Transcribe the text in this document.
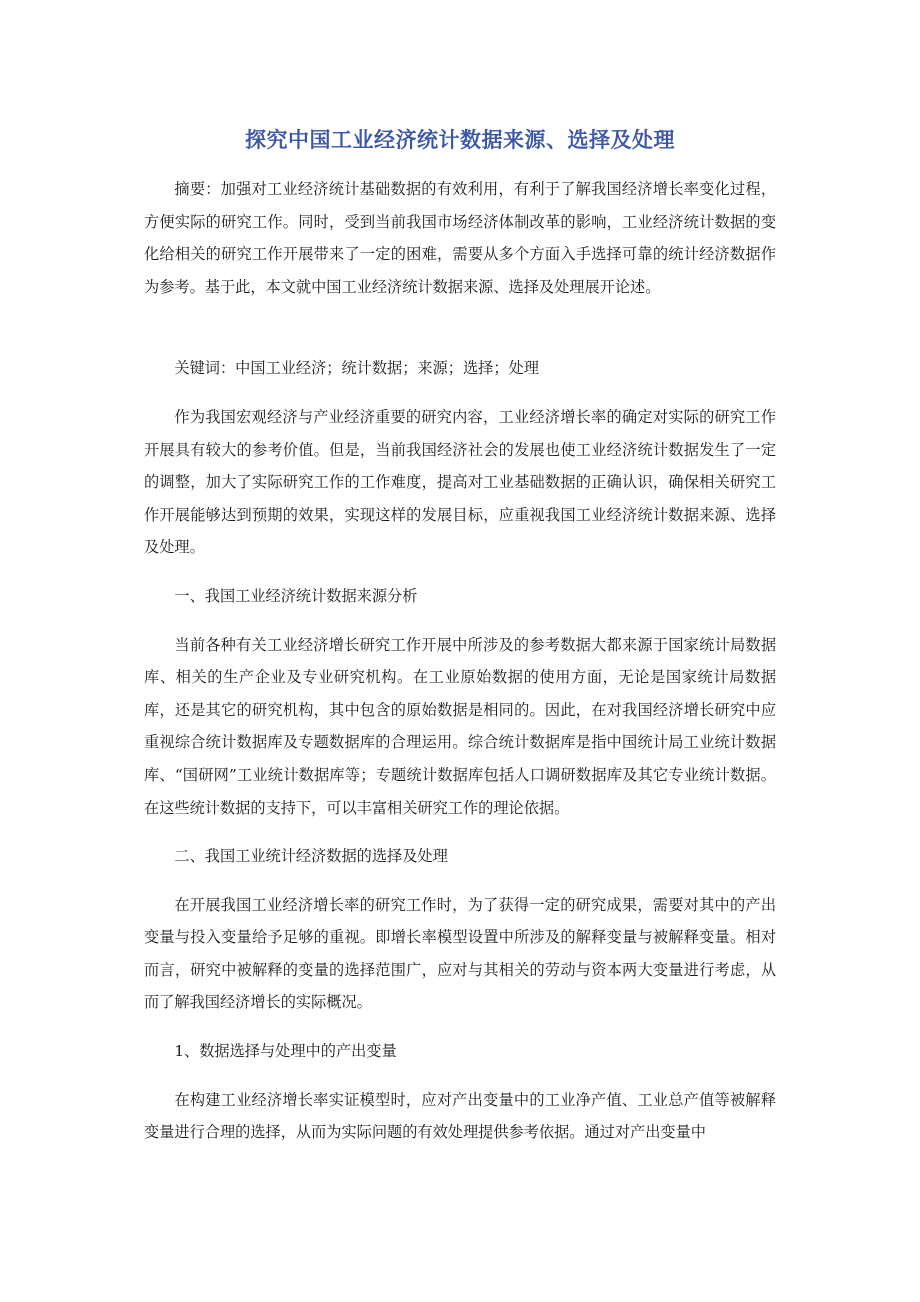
探究中国工业经济统计数据来源、选择及处理

摘要：加强对工业经济统计基础数据的有效利用，有利于了解我国经济增长率变化过程，方便实际的研究工作。同时，受到当前我国市场经济体制改革的影响，工业经济统计数据的变化给相关的研究工作开展带来了一定的困难，需要从多个方面入手选择可靠的统计经济数据作为参考。基于此，本文就中国工业经济统计数据来源、选择及处理展开论述。

关键词：中国工业经济；统计数据；来源；选择；处理

作为我国宏观经济与产业经济重要的研究内容，工业经济增长率的确定对实际的研究工作开展具有较大的参考价值。但是，当前我国经济社会的发展也使工业经济统计数据发生了一定的调整，加大了实际研究工作的工作难度，提高对工业基础数据的正确认识，确保相关研究工作开展能够达到预期的效果，实现这样的发展目标，应重视我国工业经济统计数据来源、选择及处理。

一、我国工业经济统计数据来源分析

当前各种有关工业经济增长研究工作开展中所涉及的参考数据大都来源于国家统计局数据库、相关的生产企业及专业研究机构。在工业原始数据的使用方面，无论是国家统计局数据库，还是其它的研究机构，其中包含的原始数据是相同的。因此，在对我国经济增长研究中应重视综合统计数据库及专题数据库的合理运用。综合统计数据库是指中国统计局工业统计数据库、“国研网”工业统计数据库等；专题统计数据库包括人口调研数据库及其它专业统计数据。在这些统计数据的支持下，可以丰富相关研究工作的理论依据。

二、我国工业统计经济数据的选择及处理

在开展我国工业经济增长率的研究工作时，为了获得一定的研究成果，需要对其中的产出变量与投入变量给予足够的重视。即增长率模型设置中所涉及的解释变量与被解释变量。相对而言，研究中被解释的变量的选择范围广，应对与其相关的劳动与资本两大变量进行考虑，从而了解我国经济增长的实际概况。

1、数据选择与处理中的产出变量

在构建工业经济增长率实证模型时，应对产出变量中的工业净产值、工业总产值等被解释变量进行合理的选择，从而为实际问题的有效处理提供参考依据。通过对产出变量中
